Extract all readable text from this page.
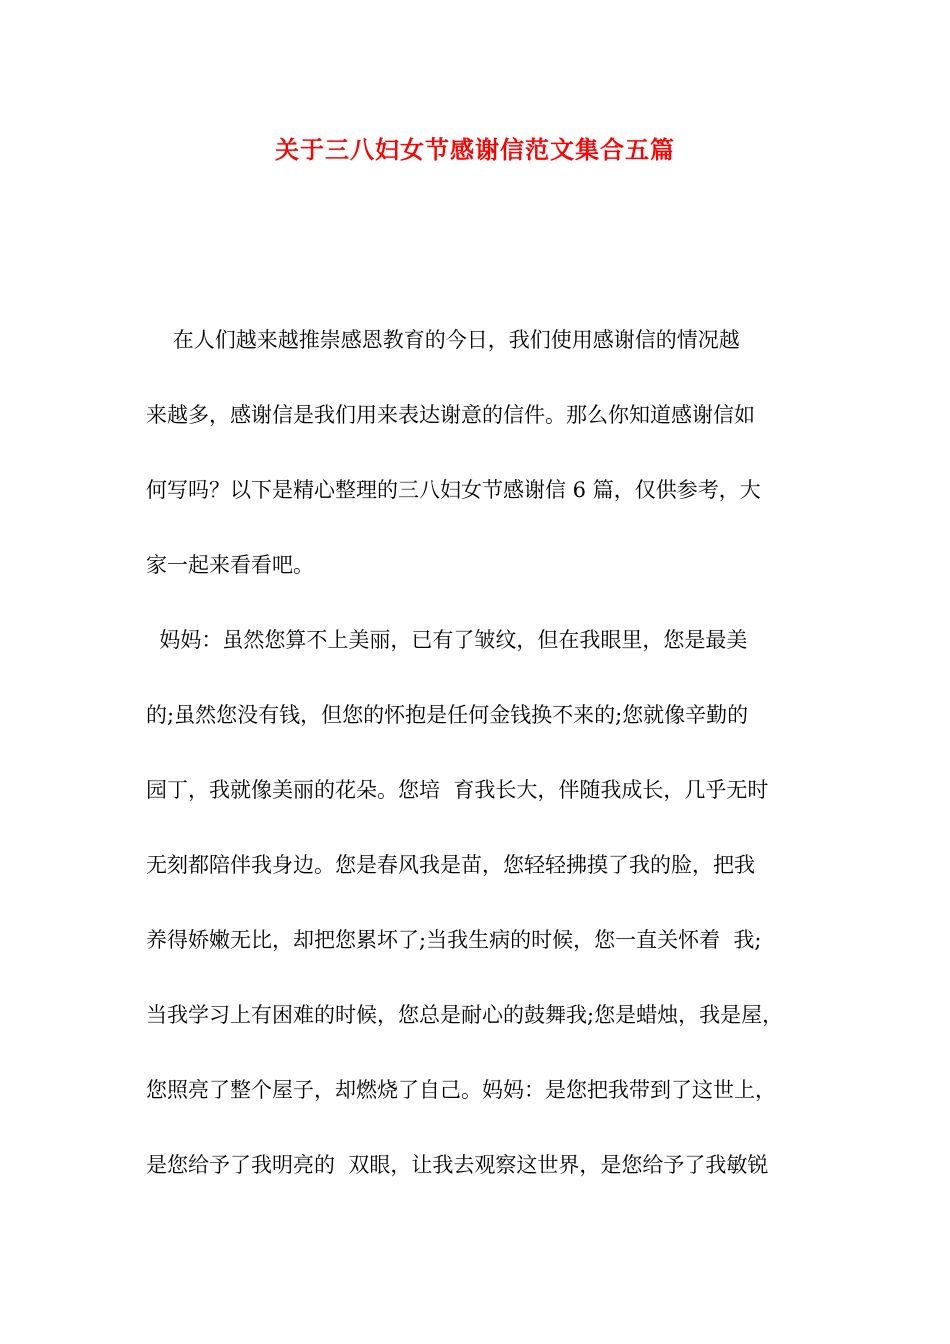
关于三八妇女节感谢信范文集合五篇
在人们越来越推崇感恩教育的今日，我们使用感谢信的情况越
来越多，感谢信是我们用来表达谢意的信件。那么你知道感谢信如
何写吗？以下是精心整理的三八妇女节感谢信 6 篇，仅供参考，大
家一起来看看吧。
妈妈：虽然您算不上美丽，已有了皱纹，但在我眼里，您是最美
的;虽然您没有钱，但您的怀抱是任何金钱换不来的;您就像辛勤的
园丁，我就像美丽的花朵。您培  育我长大，伴随我成长，几乎无时
无刻都陪伴我身边。您是春风我是苗，您轻轻拂摸了我的脸，把我
养得娇嫩无比，却把您累坏了;当我生病的时候，您一直关怀着  我;
当我学习上有困难的时候，您总是耐心的鼓舞我;您是蜡烛，我是屋，
您照亮了整个屋子，却燃烧了自己。妈妈：是您把我带到了这世上，
是您给予了我明亮的  双眼，让我去观察这世界，是您给予了我敏锐
